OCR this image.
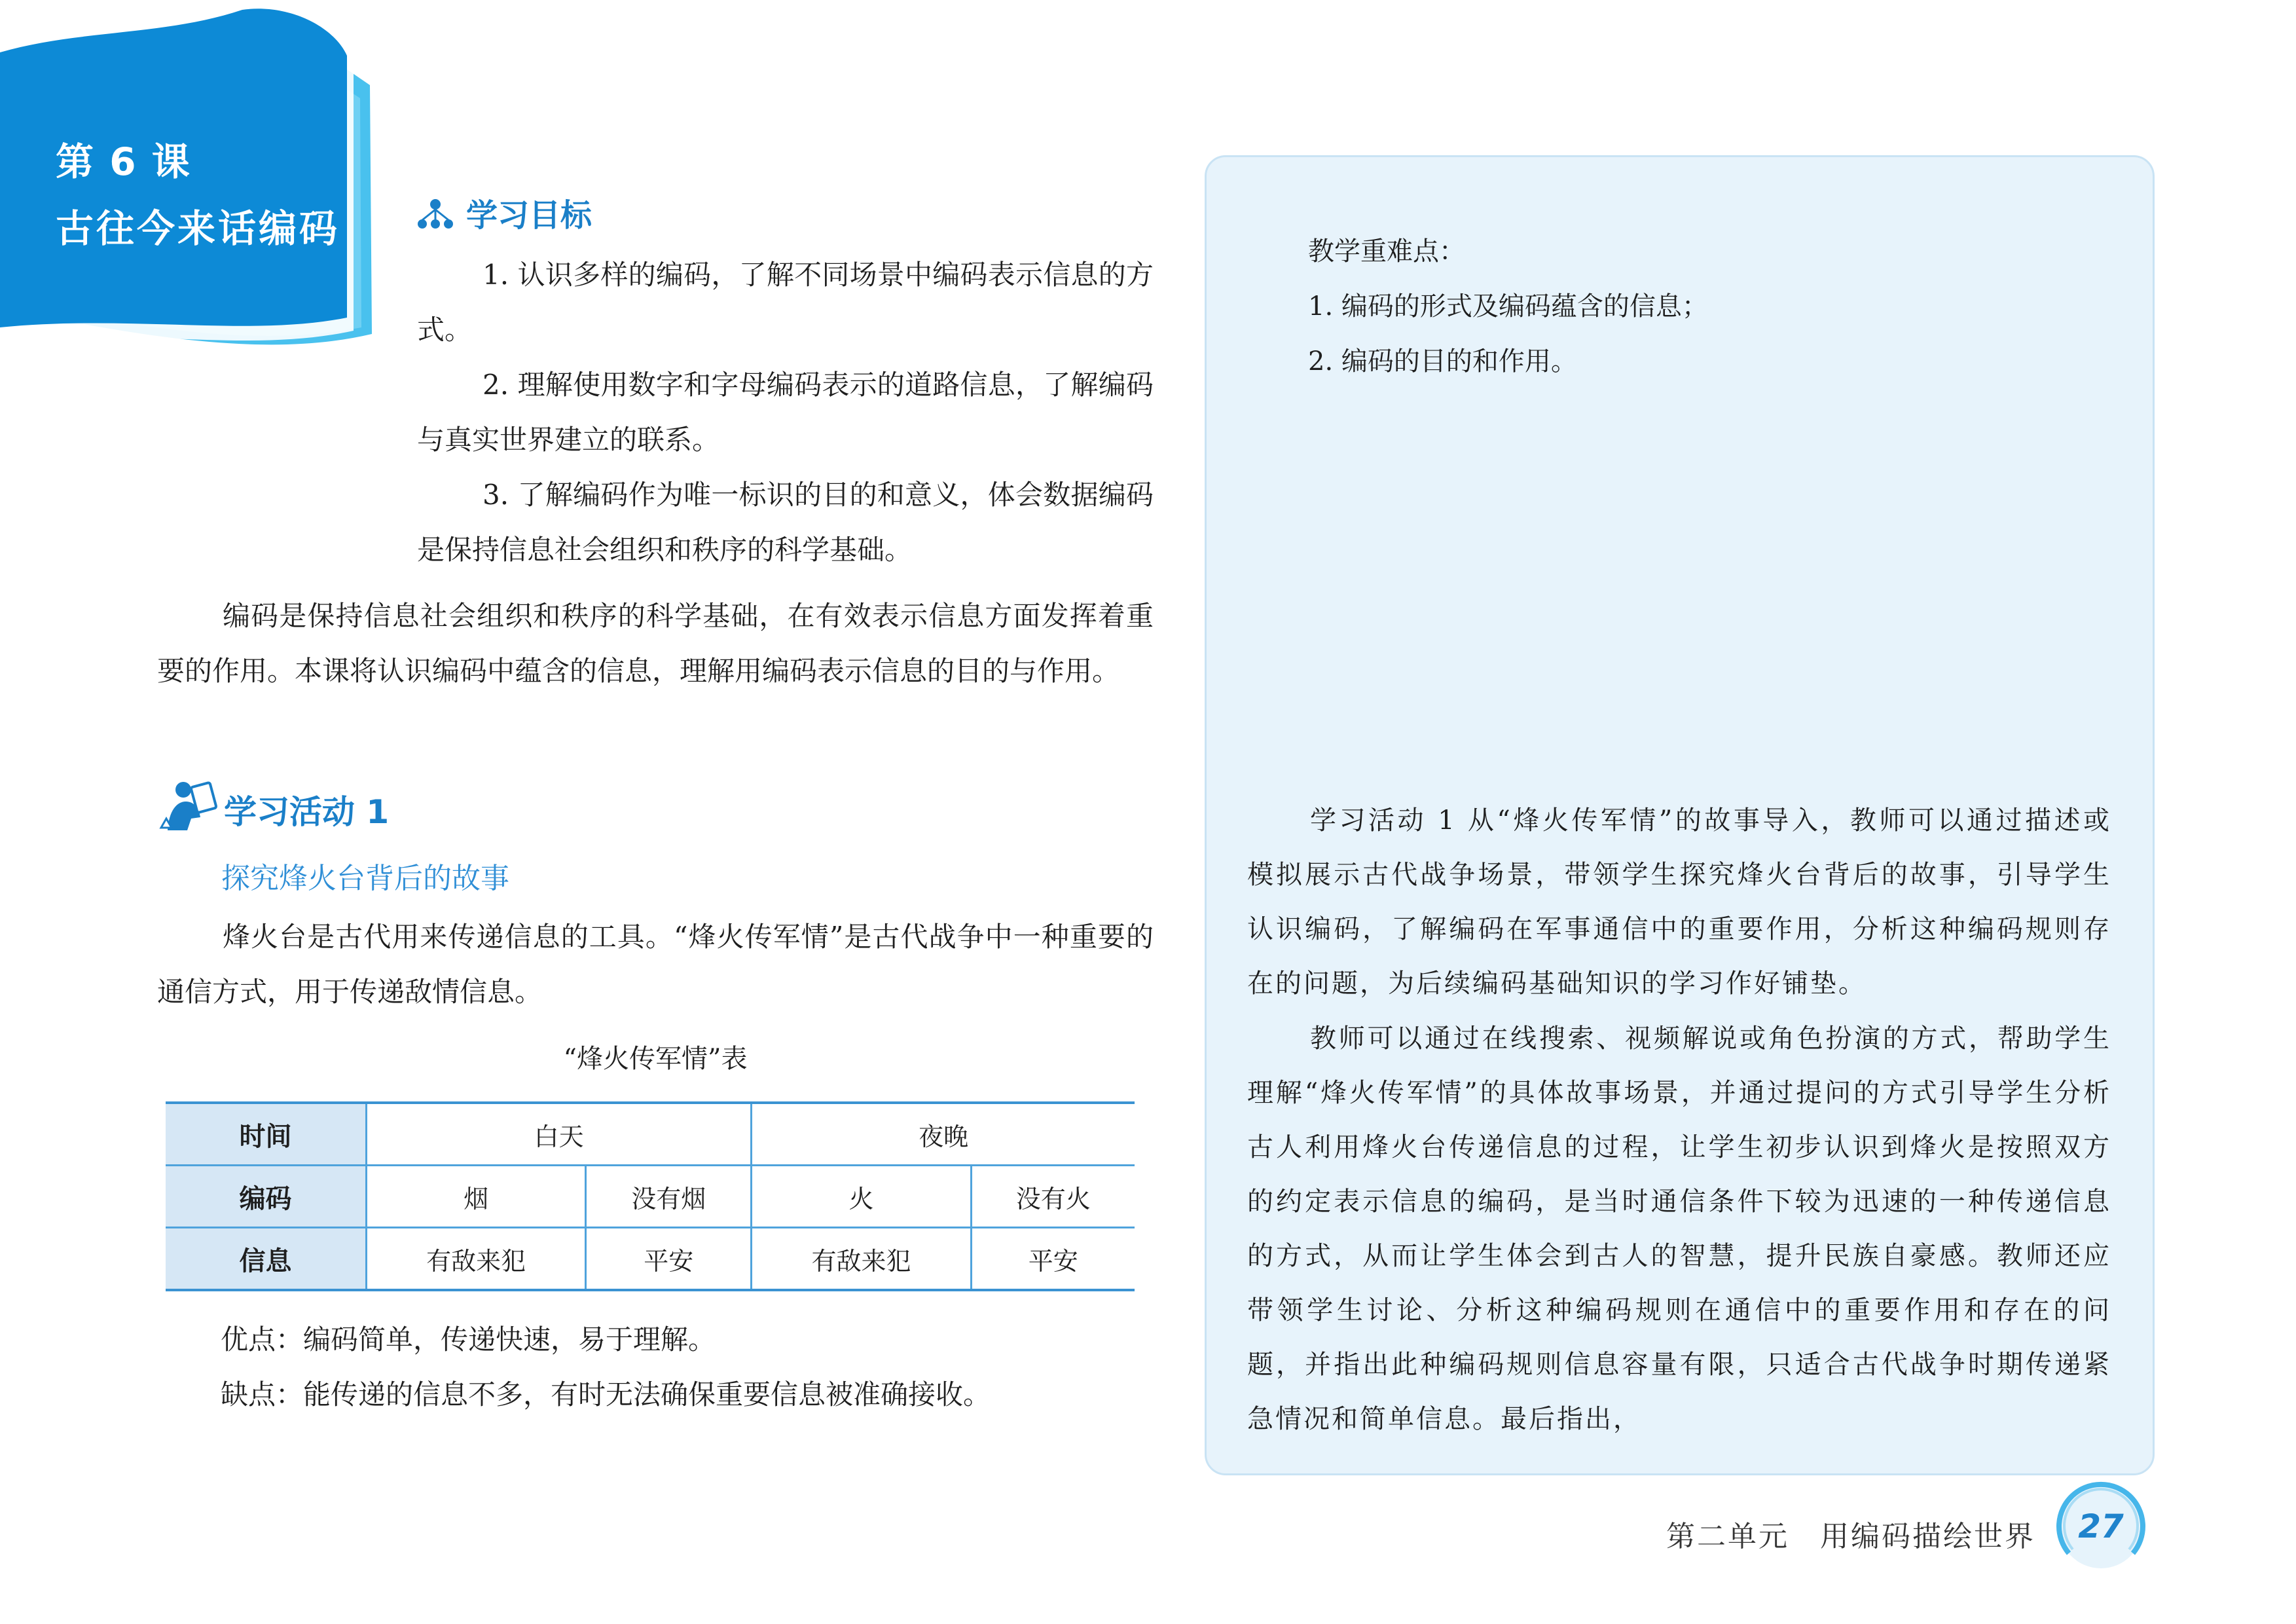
第 6 课
古往今来话编码	学习目标

1. 认识多样的编码，了解不同场景中编码表示信息的方式。

2. 理解使用数字和字母编码表示的道路信息，了解编码与真实世界建立的联系。

3. 了解编码作为唯一标识的目的和意义，体会数据编码是保持信息社会组织和秩序的科学基础。

编码是保持信息社会组织和秩序的科学基础，在有效表示信息方面发挥着重要的作用。本课将认识编码中蕴含的信息，理解用编码表示信息的目的与作用。

学习活动 1
探究烽火台背后的故事

烽火台是古代用来传递信息的工具。“烽火传军情”是古代战争中一种重要的通信方式，用于传递敌情信息。

“烽火传军情”表
时间	白天		夜晚	
编码	烟	没有烟	火	没有火
信息	有敌来犯	平安	有敌来犯	平安
优点：编码简单，传递快速，易于理解。
缺点：能传递的信息不多，有时无法确保重要信息被准确接收。
教学重难点：
1. 编码的形式及编码蕴含的信息；
2. 编码的目的和作用。

学习活动 1 从“烽火传军情”的故事导入，教师可以通过描述或模拟展示古代战争场景，带领学生探究烽火台背后的故事，引导学生认识编码，了解编码在军事通信中的重要作用，分析这种编码规则存在的问题，为后续编码基础知识的学习作好铺垫。

教师可以通过在线搜索、视频解说或角色扮演的方式，帮助学生理解“烽火传军情”的具体故事场景，并通过提问的方式引导学生分析古人利用烽火台传递信息的过程，让学生初步认识到烽火是按照双方的约定表示信息的编码，是当时通信条件下较为迅速的一种传递信息的方式，从而让学生体会到古人的智慧，提升民族自豪感。教师还应带领学生讨论、分析这种编码规则在通信中的重要作用和存在的问题，并指出此种编码规则信息容量有限，只适合古代战争时期传递紧急情况和简单信息。最后指出，

第二单元　用编码描绘世界	27
